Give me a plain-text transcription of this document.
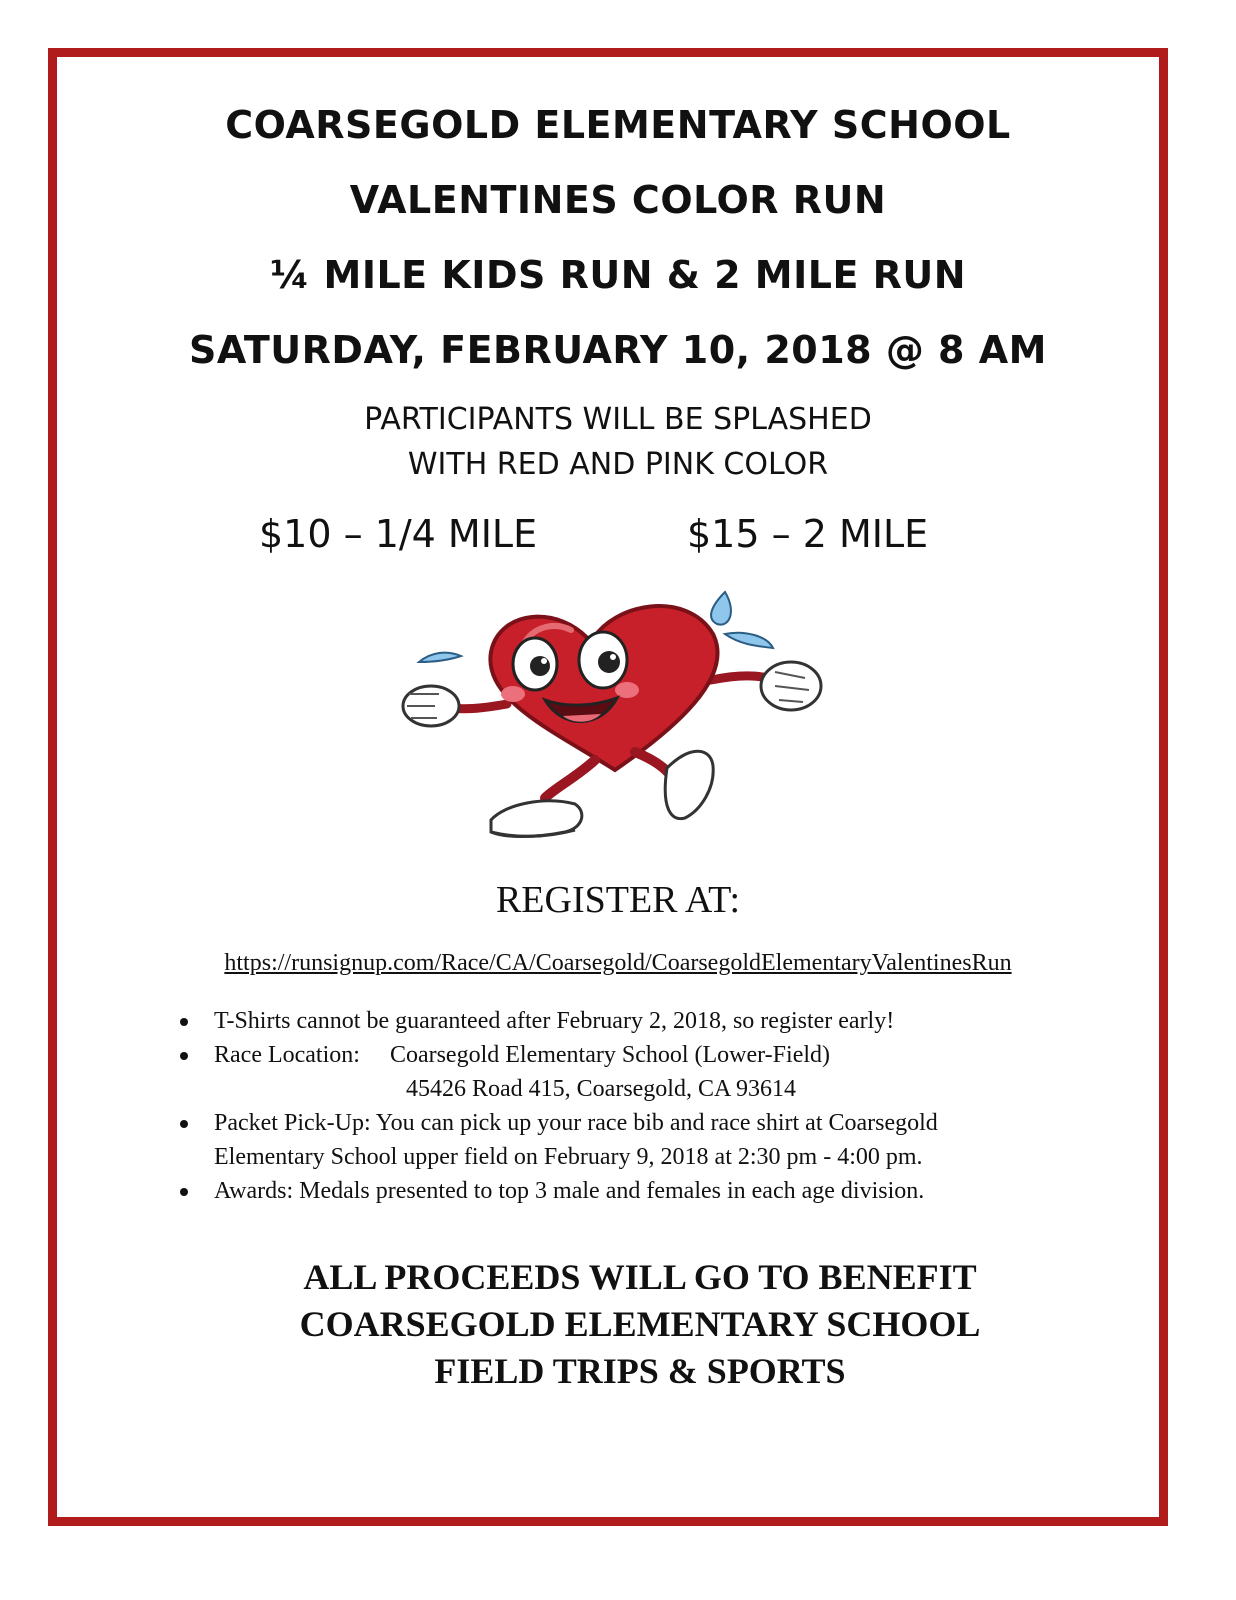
COARSEGOLD ELEMENTARY SCHOOL
VALENTINES COLOR RUN
¼ MILE KIDS RUN & 2 MILE RUN
SATURDAY, FEBRUARY 10, 2018 @ 8 AM
PARTICIPANTS WILL BE SPLASHED
WITH RED AND PINK COLOR
$10 – 1/4 MILE	$15 – 2 MILE
REGISTER AT:
https://runsignup.com/Race/CA/Coarsegold/CoarsegoldElementaryValentinesRun
T-Shirts cannot be guaranteed after February 2, 2018, so register early!
Race Location: Coarsegold Elementary School (Lower-Field)
45426 Road 415, Coarsegold, CA 93614
Packet Pick-Up: You can pick up your race bib and race shirt at Coarsegold
Elementary School upper field on February 9, 2018 at 2:30 pm - 4:00 pm.
Awards: Medals presented to top 3 male and females in each age division.
ALL PROCEEDS WILL GO TO BENEFIT
COARSEGOLD ELEMENTARY SCHOOL
FIELD TRIPS & SPORTS
